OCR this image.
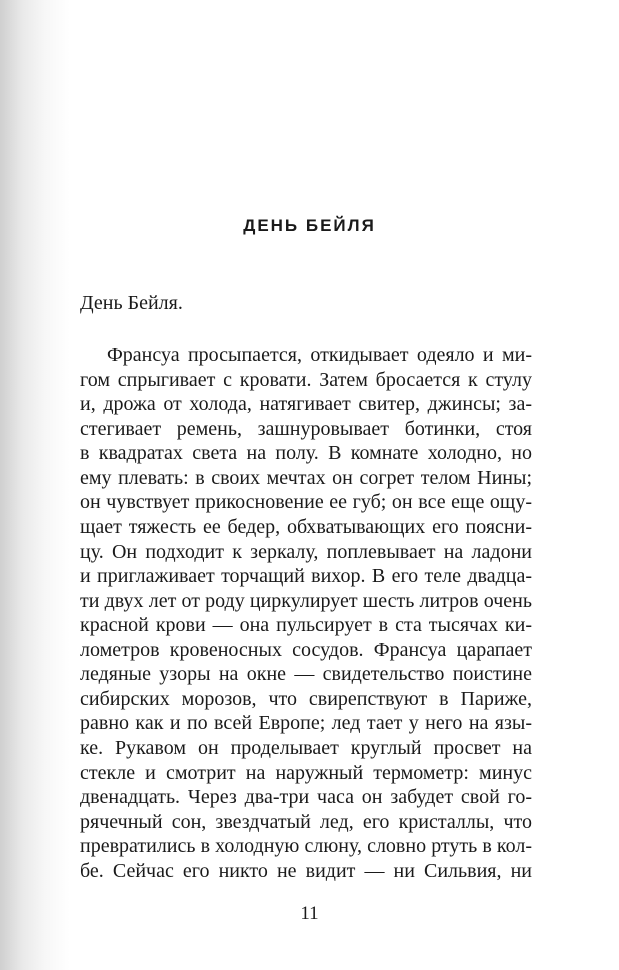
ДЕНЬ БЕЙЛЯ

День Бейля.

Франсуа просыпается, откидывает одеяло и ми-
гом спрыгивает с кровати. Затем бросается к стулу
и, дрожа от холода, натягивает свитер, джинсы; за-
стегивает ремень, зашнуровывает ботинки, стоя
в квадратах света на полу. В комнате холодно, но
ему плевать: в своих мечтах он согрет телом Нины;
он чувствует прикосновение ее губ; он все еще ощу-
щает тяжесть ее бедер, обхватывающих его поясни-
цу. Он подходит к зеркалу, поплевывает на ладони
и приглаживает торчащий вихор. В его теле двадца-
ти двух лет от роду циркулирует шесть литров очень
красной крови — она пульсирует в ста тысячах ки-
лометров кровеносных сосудов. Франсуа царапает
ледяные узоры на окне — свидетельство поистине
сибирских морозов, что свирепствуют в Париже,
равно как и по всей Европе; лед тает у него на язы-
ке. Рукавом он проделывает круглый просвет на
стекле и смотрит на наружный термометр: минус
двенадцать. Через два-три часа он забудет свой го-
рячечный сон, звездчатый лед, его кристаллы, что
превратились в холодную слюну, словно ртуть в кол-
бе. Сейчас его никто не видит — ни Сильвия, ни
11
